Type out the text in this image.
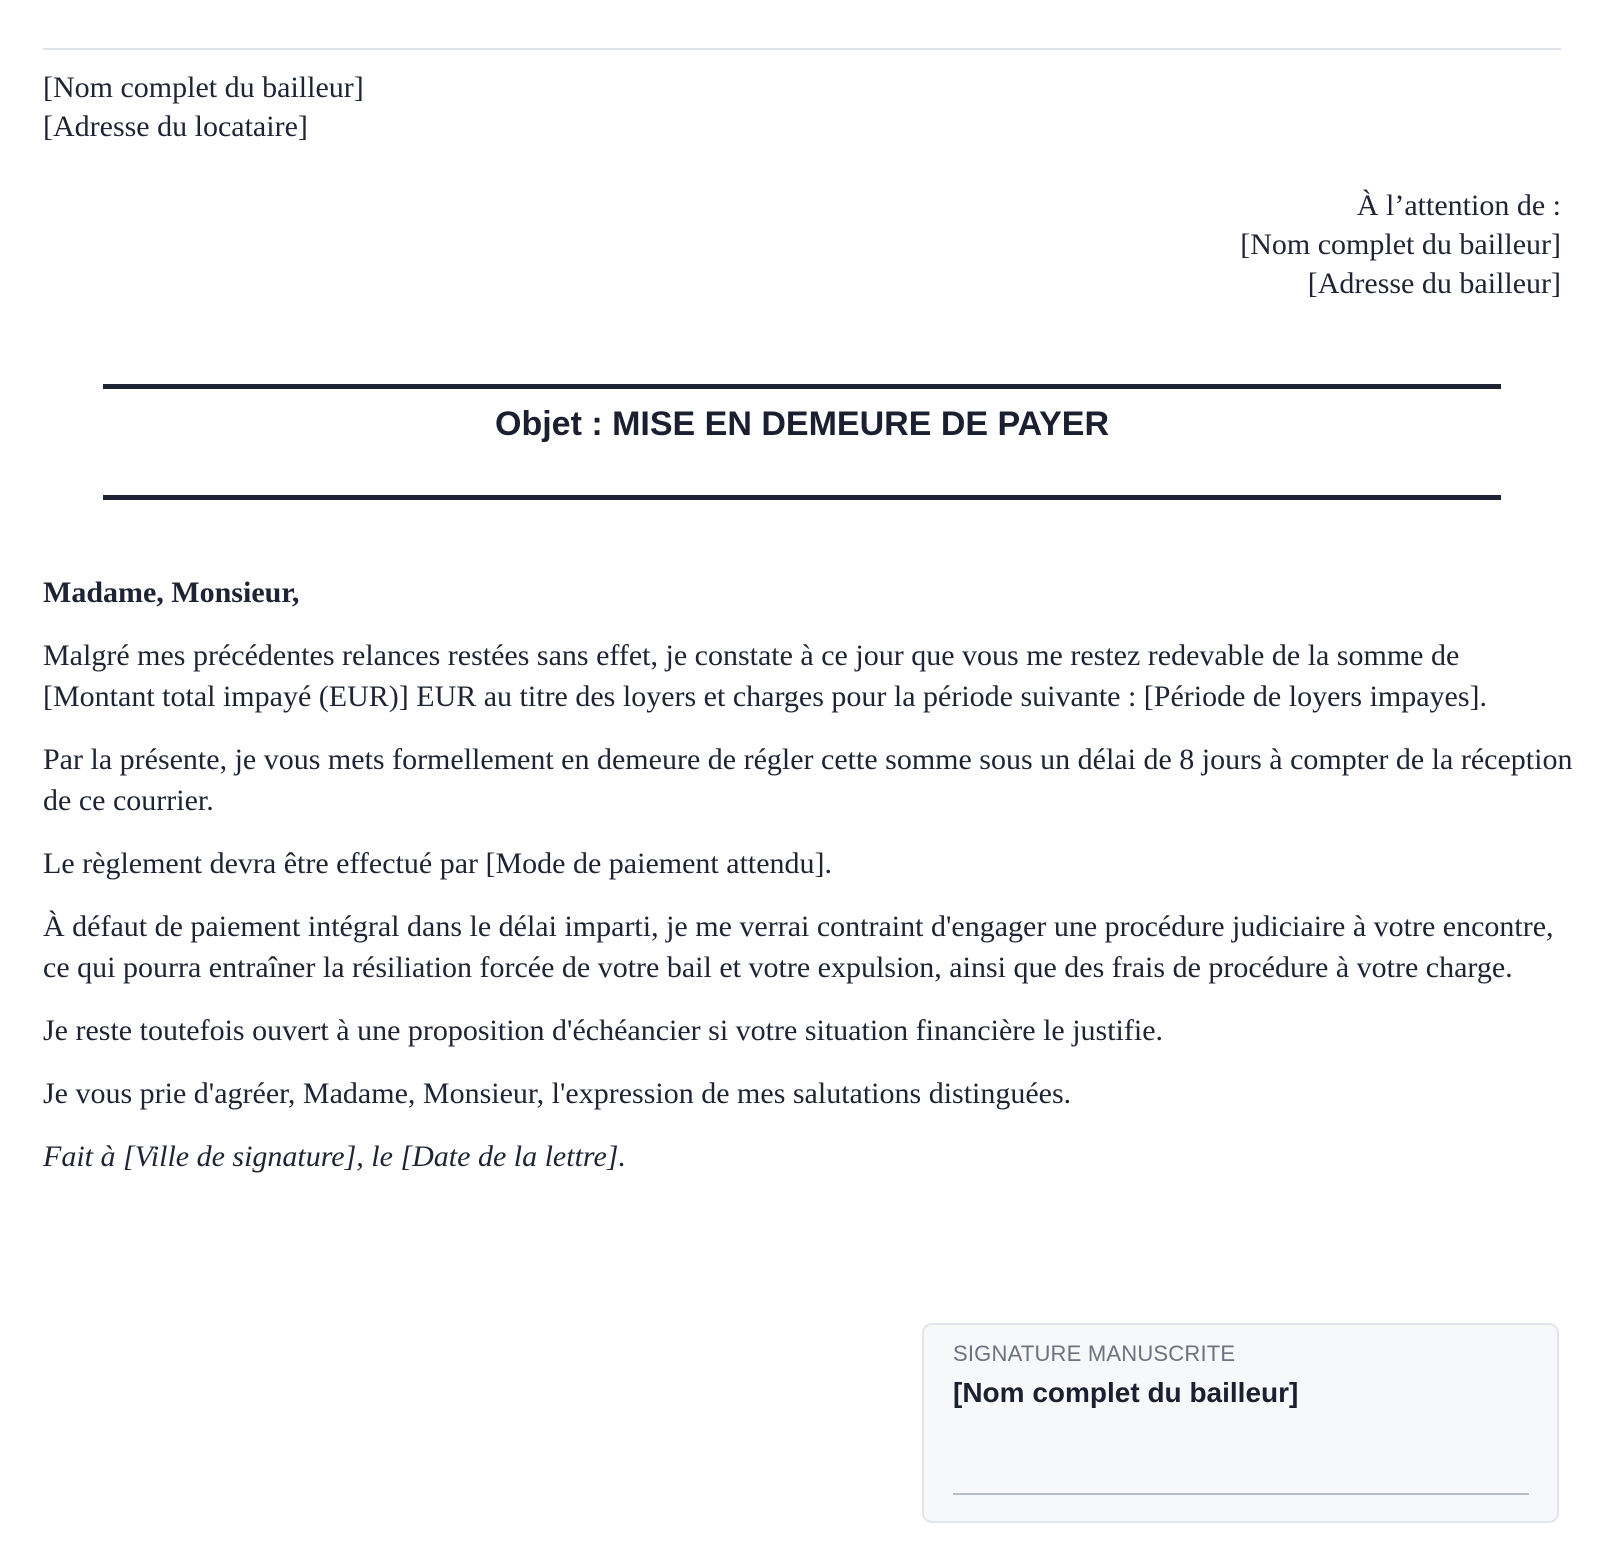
[Nom complet du bailleur]
[Adresse du locataire]
À l’attention de :
[Nom complet du bailleur]
[Adresse du bailleur]
Objet : MISE EN DEMEURE DE PAYER

Madame, Monsieur,

Malgré mes précédentes relances restées sans effet, je constate à ce jour que vous me restez redevable de la somme de [Montant total impayé (EUR)] EUR au titre des loyers et charges pour la période suivante : [Période de loyers impayes].

Par la présente, je vous mets formellement en demeure de régler cette somme sous un délai de 8 jours à compter de la réception de ce courrier.

Le règlement devra être effectué par [Mode de paiement attendu].

À défaut de paiement intégral dans le délai imparti, je me verrai contraint d'engager une procédure judiciaire à votre encontre, ce qui pourra entraîner la résiliation forcée de votre bail et votre expulsion, ainsi que des frais de procédure à votre charge.

Je reste toutefois ouvert à une proposition d'échéancier si votre situation financière le justifie.

Je vous prie d'agréer, Madame, Monsieur, l'expression de mes salutations distinguées.

Fait à [Ville de signature], le [Date de la lettre].

SIGNATURE MANUSCRITE
[Nom complet du bailleur]
